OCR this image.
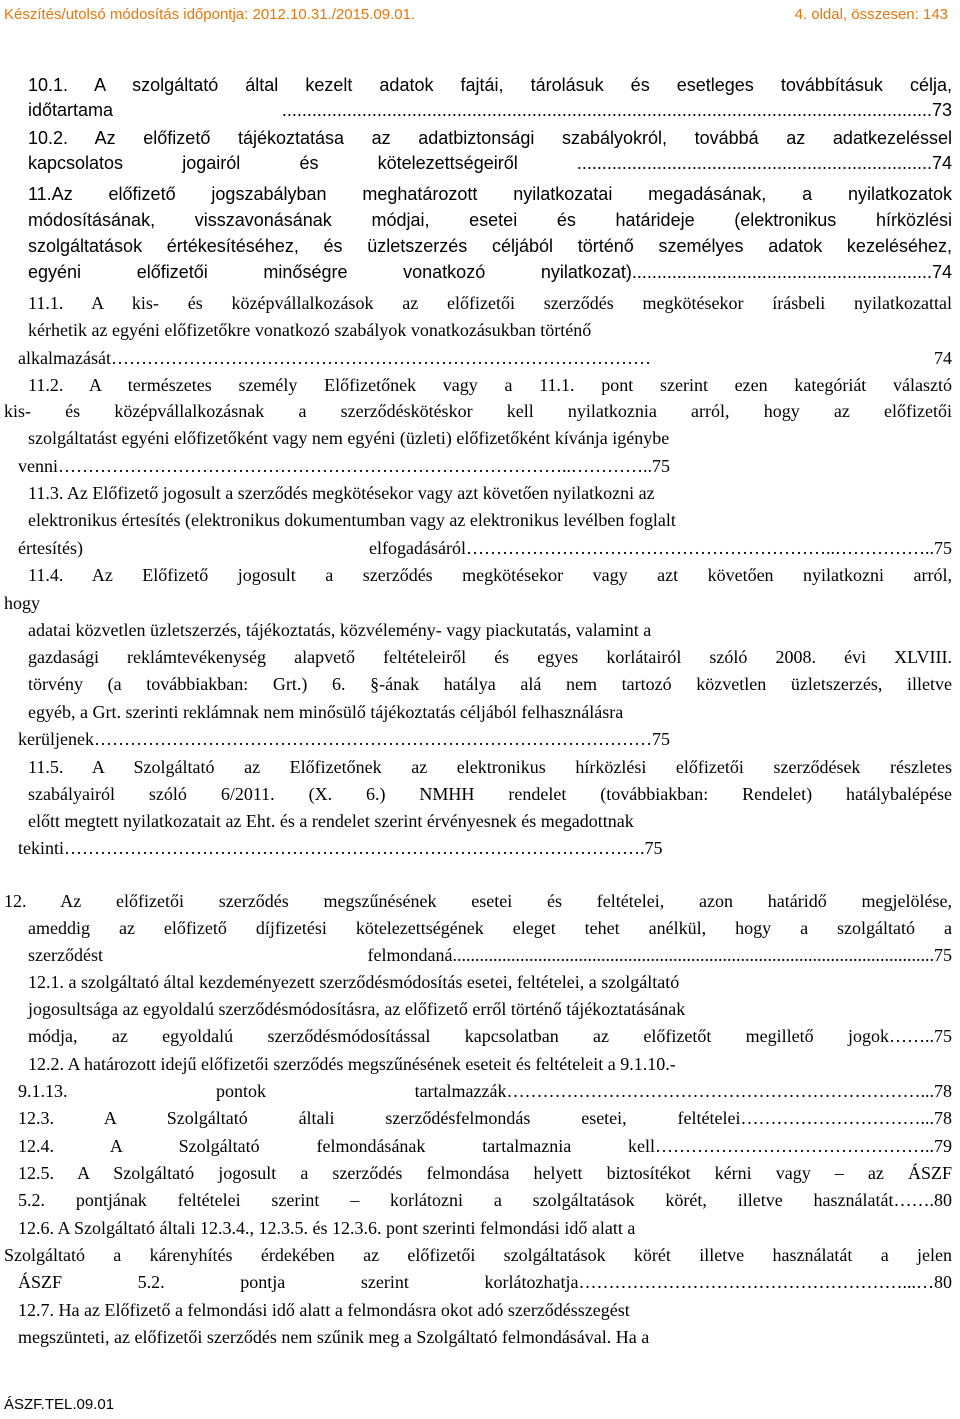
Készítés/utolsó módosítás időpontja: 2012.10.31./2015.09.01.	4. oldal, összesen: 143
10.1. A szolgáltató által kezelt adatok fajtái, tárolásuk és esetleges továbbításuk célja,
időtartama ..................................................................................................................................73
10.2. Az előfizető tájékoztatása az adatbiztonsági szabályokról, továbbá az adatkezeléssel
kapcsolatos jogairól és kötelezettségeiről .......................................................................74
11.Az előfizető jogszabályban meghatározott nyilatkozatai megadásának, a nyilatkozatok
módosításának, visszavonásának módjai, esetei és határideje (elektronikus hírközlési
szolgáltatások értékesítéséhez, és üzletszerzés céljából történő személyes adatok kezeléséhez,
egyéni előfizetői minőségre vonatkozó nyilatkozat)............................................................74
11.1. A kis- és középvállalkozások az előfizetői szerződés megkötésekor írásbeli nyilatkozattal
kérhetik az egyéni előfizetőkre vonatkozó szabályok vonatkozásukban történő
alkalmazását……………………………………………………………………………… 74
11.2. A természetes személy Előfizetőnek vagy a 11.1. pont szerint ezen kategóriát választó
kis- és középvállalkozásnak a szerződéskötéskor kell nyilatkoznia arról, hogy az előfizetői
szolgáltatást egyéni előfizetőként vagy nem egyéni (üzleti) előfizetőként kívánja igénybe
venni…………………………………………………………………………..…………..75
11.3. Az Előfizető jogosult a szerződés megkötésekor vagy azt követően nyilatkozni az
elektronikus értesítés (elektronikus dokumentumban vagy az elektronikus levélben foglalt
értesítés) elfogadásáról……………………………………………………..……………..75
11.4. Az Előfizető jogosult a szerződés megkötésekor vagy azt követően nyilatkozni arról,
hogy
adatai közvetlen üzletszerzés, tájékoztatás, közvélemény- vagy piackutatás, valamint a
gazdasági reklámtevékenység alapvető feltételeiről és egyes korlátairól szóló 2008. évi XLVIII.
törvény (a továbbiakban: Grt.) 6. §-ának hatálya alá nem tartozó közvetlen üzletszerzés, illetve
egyéb, a Grt. szerinti reklámnak nem minősülő tájékoztatás céljából felhasználásra
kerüljenek…………………………………………………………………………………75
11.5. A Szolgáltató az Előfizetőnek az elektronikus hírközlési előfizetői szerződések részletes
szabályairól szóló 6/2011. (X. 6.) NMHH rendelet (továbbiakban: Rendelet) hatálybalépése
előtt megtett nyilatkozatait az Eht. és a rendelet szerint érvényesnek és megadottnak
tekinti…………………………………………………………………………………….75
12. Az előfizetői szerződés megszűnésének esetei és feltételei, azon határidő megjelölése,
ameddig az előfizető díjfizetési kötelezettségének eleget tehet anélkül, hogy a szolgáltató a
szerződést felmondaná...........................................................................................................75
12.1. a szolgáltató által kezdeményezett szerződésmódosítás esetei, feltételei, a szolgáltató
jogosultsága az egyoldalú szerződésmódosításra, az előfizető erről történő tájékoztatásának
módja, az egyoldalú szerződésmódosítással kapcsolatban az előfizetőt megillető jogok……..75
12.2. A határozott idejű előfizetői szerződés megszűnésének eseteit és feltételeit a 9.1.10.-
9.1.13. pontok tartalmazzák……………………………………………………………...78
12.3. A Szolgáltató általi szerződésfelmondás esetei, feltételei…………………………...78
12.4. A Szolgáltató felmondásának tartalmaznia kell………………………………………..79
12.5. A Szolgáltató jogosult a szerződés felmondása helyett biztosítékot kérni vagy – az ÁSZF
5.2. pontjának feltételei szerint – korlátozni a szolgáltatások körét, illetve használatát…….80
12.6. A Szolgáltató általi 12.3.4., 12.3.5. és 12.3.6. pont szerinti felmondási idő alatt a
Szolgáltató a kárenyhítés érdekében az előfizetői szolgáltatások körét illetve használatát a jelen
ÁSZF 5.2. pontja szerint korlátozhatja………………………………………………...…80
12.7. Ha az Előfizető a felmondási idő alatt a felmondásra okot adó szerződésszegést
megszünteti, az előfizetői szerződés nem szűnik meg a Szolgáltató felmondásával. Ha a
ÁSZF.TEL.09.01
